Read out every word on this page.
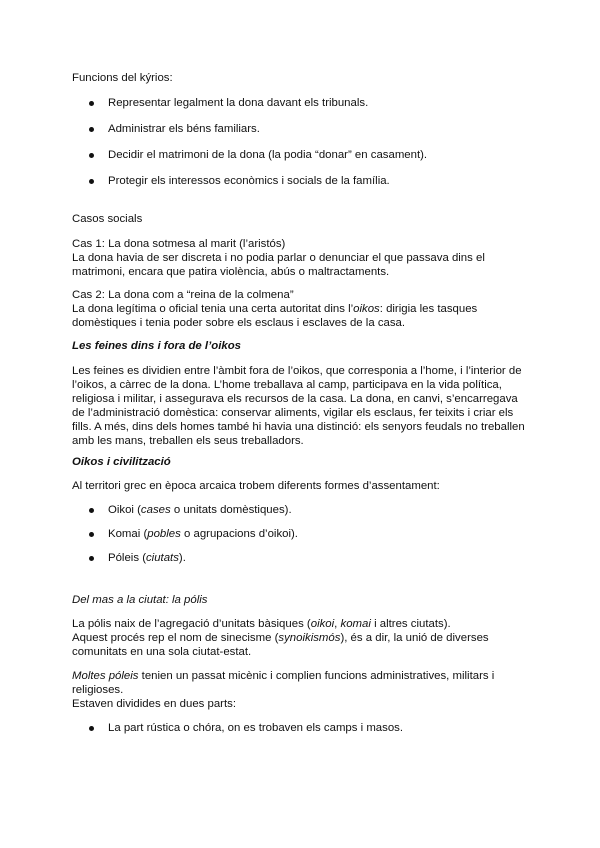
Funcions del kýrios:

Representar legalment la dona davant els tribunals.
Administrar els béns familiars.
Decidir el matrimoni de la dona (la podia “donar” en casament).
Protegir els interessos econòmics i socials de la família.

Casos socials

Cas 1: La dona sotmesa al marit (l’aristós)

La dona havia de ser discreta i no podia parlar o denunciar el que passava dins el matrimoni, encara que patira violència, abús o maltractaments.

Cas 2: La dona com a “reina de la colmena”

La dona legítima o oficial tenia una certa autoritat dins l’oikos: dirigia les tasques domèstiques i tenia poder sobre els esclaus i esclaves de la casa.

Les feines dins i fora de l’oikos

Les feines es dividien entre l’àmbit fora de l’oikos, que corresponia a l’home, i l’interior de l’oikos, a càrrec de la dona. L’home treballava al camp, participava en la vida política, religiosa i militar, i assegurava els recursos de la casa. La dona, en canvi, s’encarregava de l’administració domèstica: conservar aliments, vigilar els esclaus, fer teixits i criar els fills. A més, dins dels homes també hi havia una distinció: els senyors feudals no treballen amb les mans, treballen els seus treballadors.

Oikos i civilització

Al territori grec en època arcaica trobem diferents formes d’assentament:

Oikoi (cases o unitats domèstiques).
Komai (pobles o agrupacions d’oikoi).
Póleis (ciutats).

Del mas a la ciutat: la pólis

La pólis naix de l’agregació d’unitats bàsiques (oikoi, komai i altres ciutats).

Aquest procés rep el nom de sinecisme (synoikismós), és a dir, la unió de diverses comunitats en una sola ciutat-estat.

Moltes póleis tenien un passat micènic i complien funcions administratives, militars i religioses.

Estaven dividides en dues parts:

La part rústica o chóra, on es trobaven els camps i masos.
